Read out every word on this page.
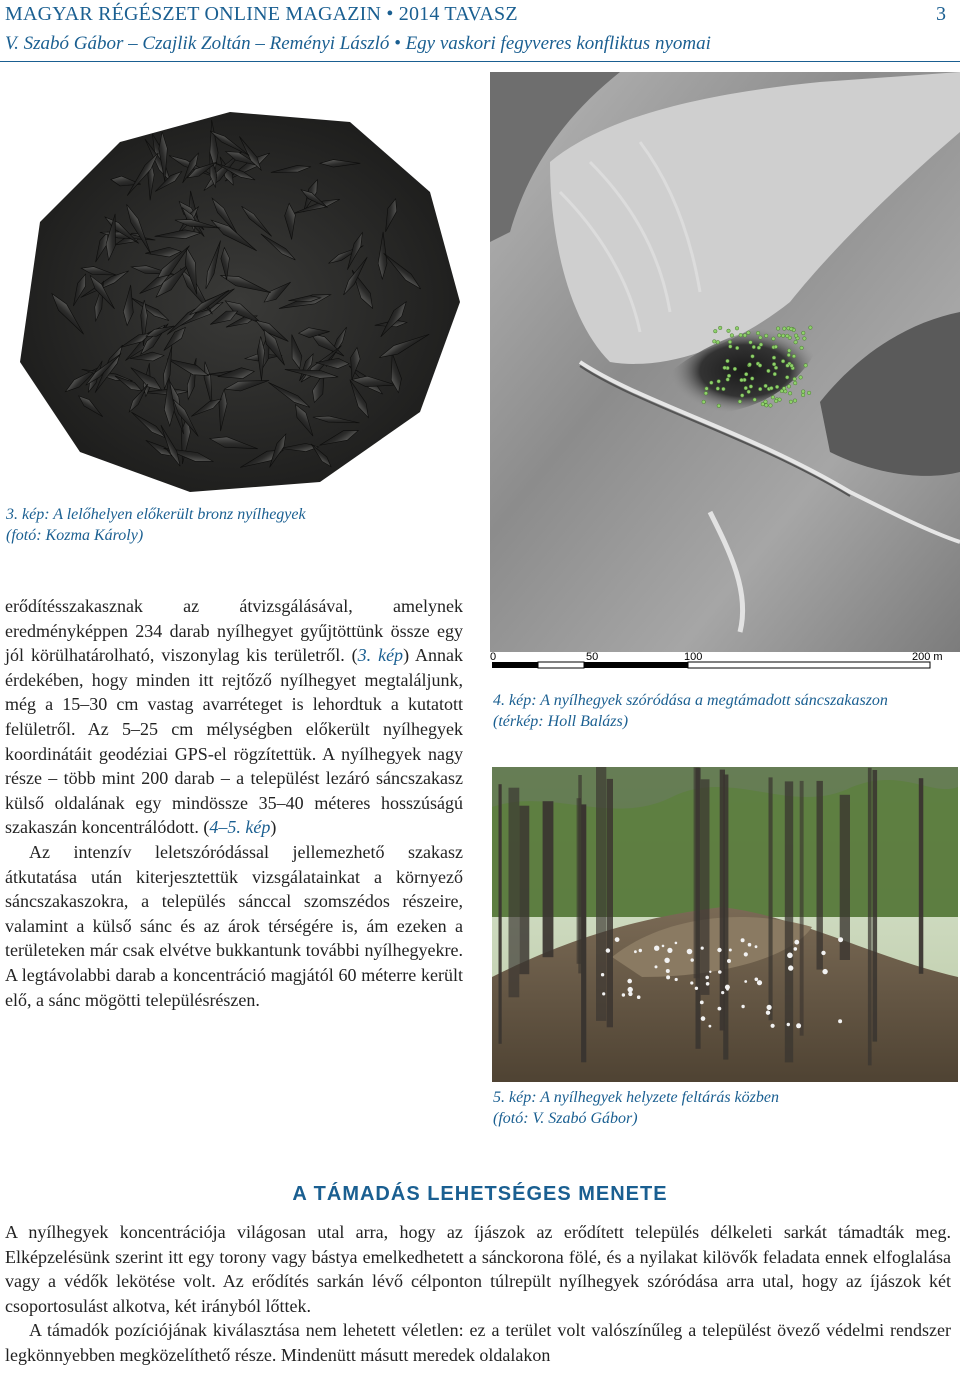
MAGYAR RÉGÉSZET ONLINE MAGAZIN • 2014 TAVASZ	3
V. Szabó Gábor – Czajlik Zoltán – Reményi László • Egy vaskori fegyveres konfliktus nyomai
3. kép: A lelőhelyen előkerült bronz nyílhegyek
(fotó: Kozma Károly)

erődítésszakasznak az átvizsgálásával, amelynek eredményképpen 234 darab nyílhegyet gyűjtöttünk össze egy jól körülhatárolható, viszonylag kis területről. (3. kép) Annak érdekében, hogy minden itt rejtőző nyílhegyet megtaláljunk, még a 15–30 cm vastag avarréteget is lehordtuk a kutatott felületről. Az 5–25 cm mélységben előkerült nyílhegyek koordinátáit geodéziai GPS-el rögzítettük. A nyílhegyek nagy része – több mint 200 darab – a települést lezáró sáncszakasz külső oldalának egy mindössze 35–40 méteres hosszúságú szakaszán koncentrálódott. (4–5. kép)

Az intenzív leletszóródással jellemezhető szakasz átkutatása után kiterjesztettük vizsgálatainkat a környező sáncszakaszokra, a település sánccal szomszédos részeire, valamint a külső sánc és az árok térségére is, ám ezeken a területeken már csak elvétve bukkantunk további nyílhegyekre. A legtávolabbi darab a koncentráció magjától 60 méterre került elő, a sánc mögötti településrészen.

0	50	100	200 m
4. kép: A nyílhegyek szóródása a megtámadott sáncszakaszon
(térkép: Holl Balázs)
5. kép: A nyílhegyek helyzete feltárás közben
(fotó: V. Szabó Gábor)
A TÁMADÁS LEHETSÉGES MENETE

A nyílhegyek koncentrációja világosan utal arra, hogy az íjászok az erődített település délkeleti sarkát támadták meg. Elképzelésünk szerint itt egy torony vagy bástya emelkedhetett a sánckorona fölé, és a nyilakat kilövők feladata ennek elfoglalása vagy a védők lekötése volt. Az erődítés sarkán lévő célponton túlrepült nyílhegyek szóródása arra utal, hogy az íjászok két csoportosulást alkotva, két irányból lőttek.

A támadók pozíciójának kiválasztása nem lehetett véletlen: ez a terület volt valószínűleg a települést övező védelmi rendszer legkönnyebben megközelíthető része. Mindenütt másutt meredek oldalakon
